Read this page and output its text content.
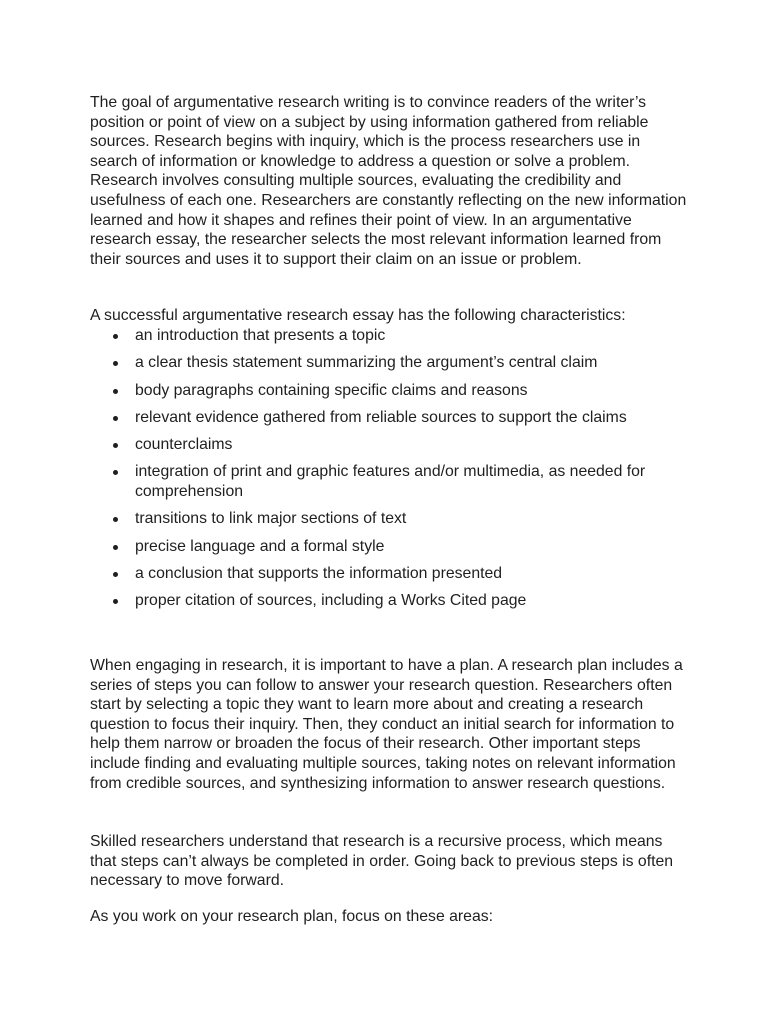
The goal of argumentative research writing is to convince readers of the writer’s position or point of view on a subject by using information gathered from reliable sources. Research begins with inquiry, which is the process researchers use in search of information or knowledge to address a question or solve a problem. Research involves consulting multiple sources, evaluating the credibility and usefulness of each one. Researchers are constantly reflecting on the new information learned and how it shapes and refines their point of view. In an argumentative research essay, the researcher selects the most relevant information learned from their sources and uses it to support their claim on an issue or problem.

A successful argumentative research essay has the following characteristics:

an introduction that presents a topic
a clear thesis statement summarizing the argument’s central claim
body paragraphs containing specific claims and reasons
relevant evidence gathered from reliable sources to support the claims
counterclaims
integration of print and graphic features and/or multimedia, as needed for comprehension
transitions to link major sections of text
precise language and a formal style
a conclusion that supports the information presented
proper citation of sources, including a Works Cited page

When engaging in research, it is important to have a plan. A research plan includes a series of steps you can follow to answer your research question. Researchers often start by selecting a topic they want to learn more about and creating a research question to focus their inquiry. Then, they conduct an initial search for information to help them narrow or broaden the focus of their research. Other important steps include finding and evaluating multiple sources, taking notes on relevant information from credible sources, and synthesizing information to answer research questions.

Skilled researchers understand that research is a recursive process, which means that steps can’t always be completed in order. Going back to previous steps is often necessary to move forward.

As you work on your research plan, focus on these areas:
